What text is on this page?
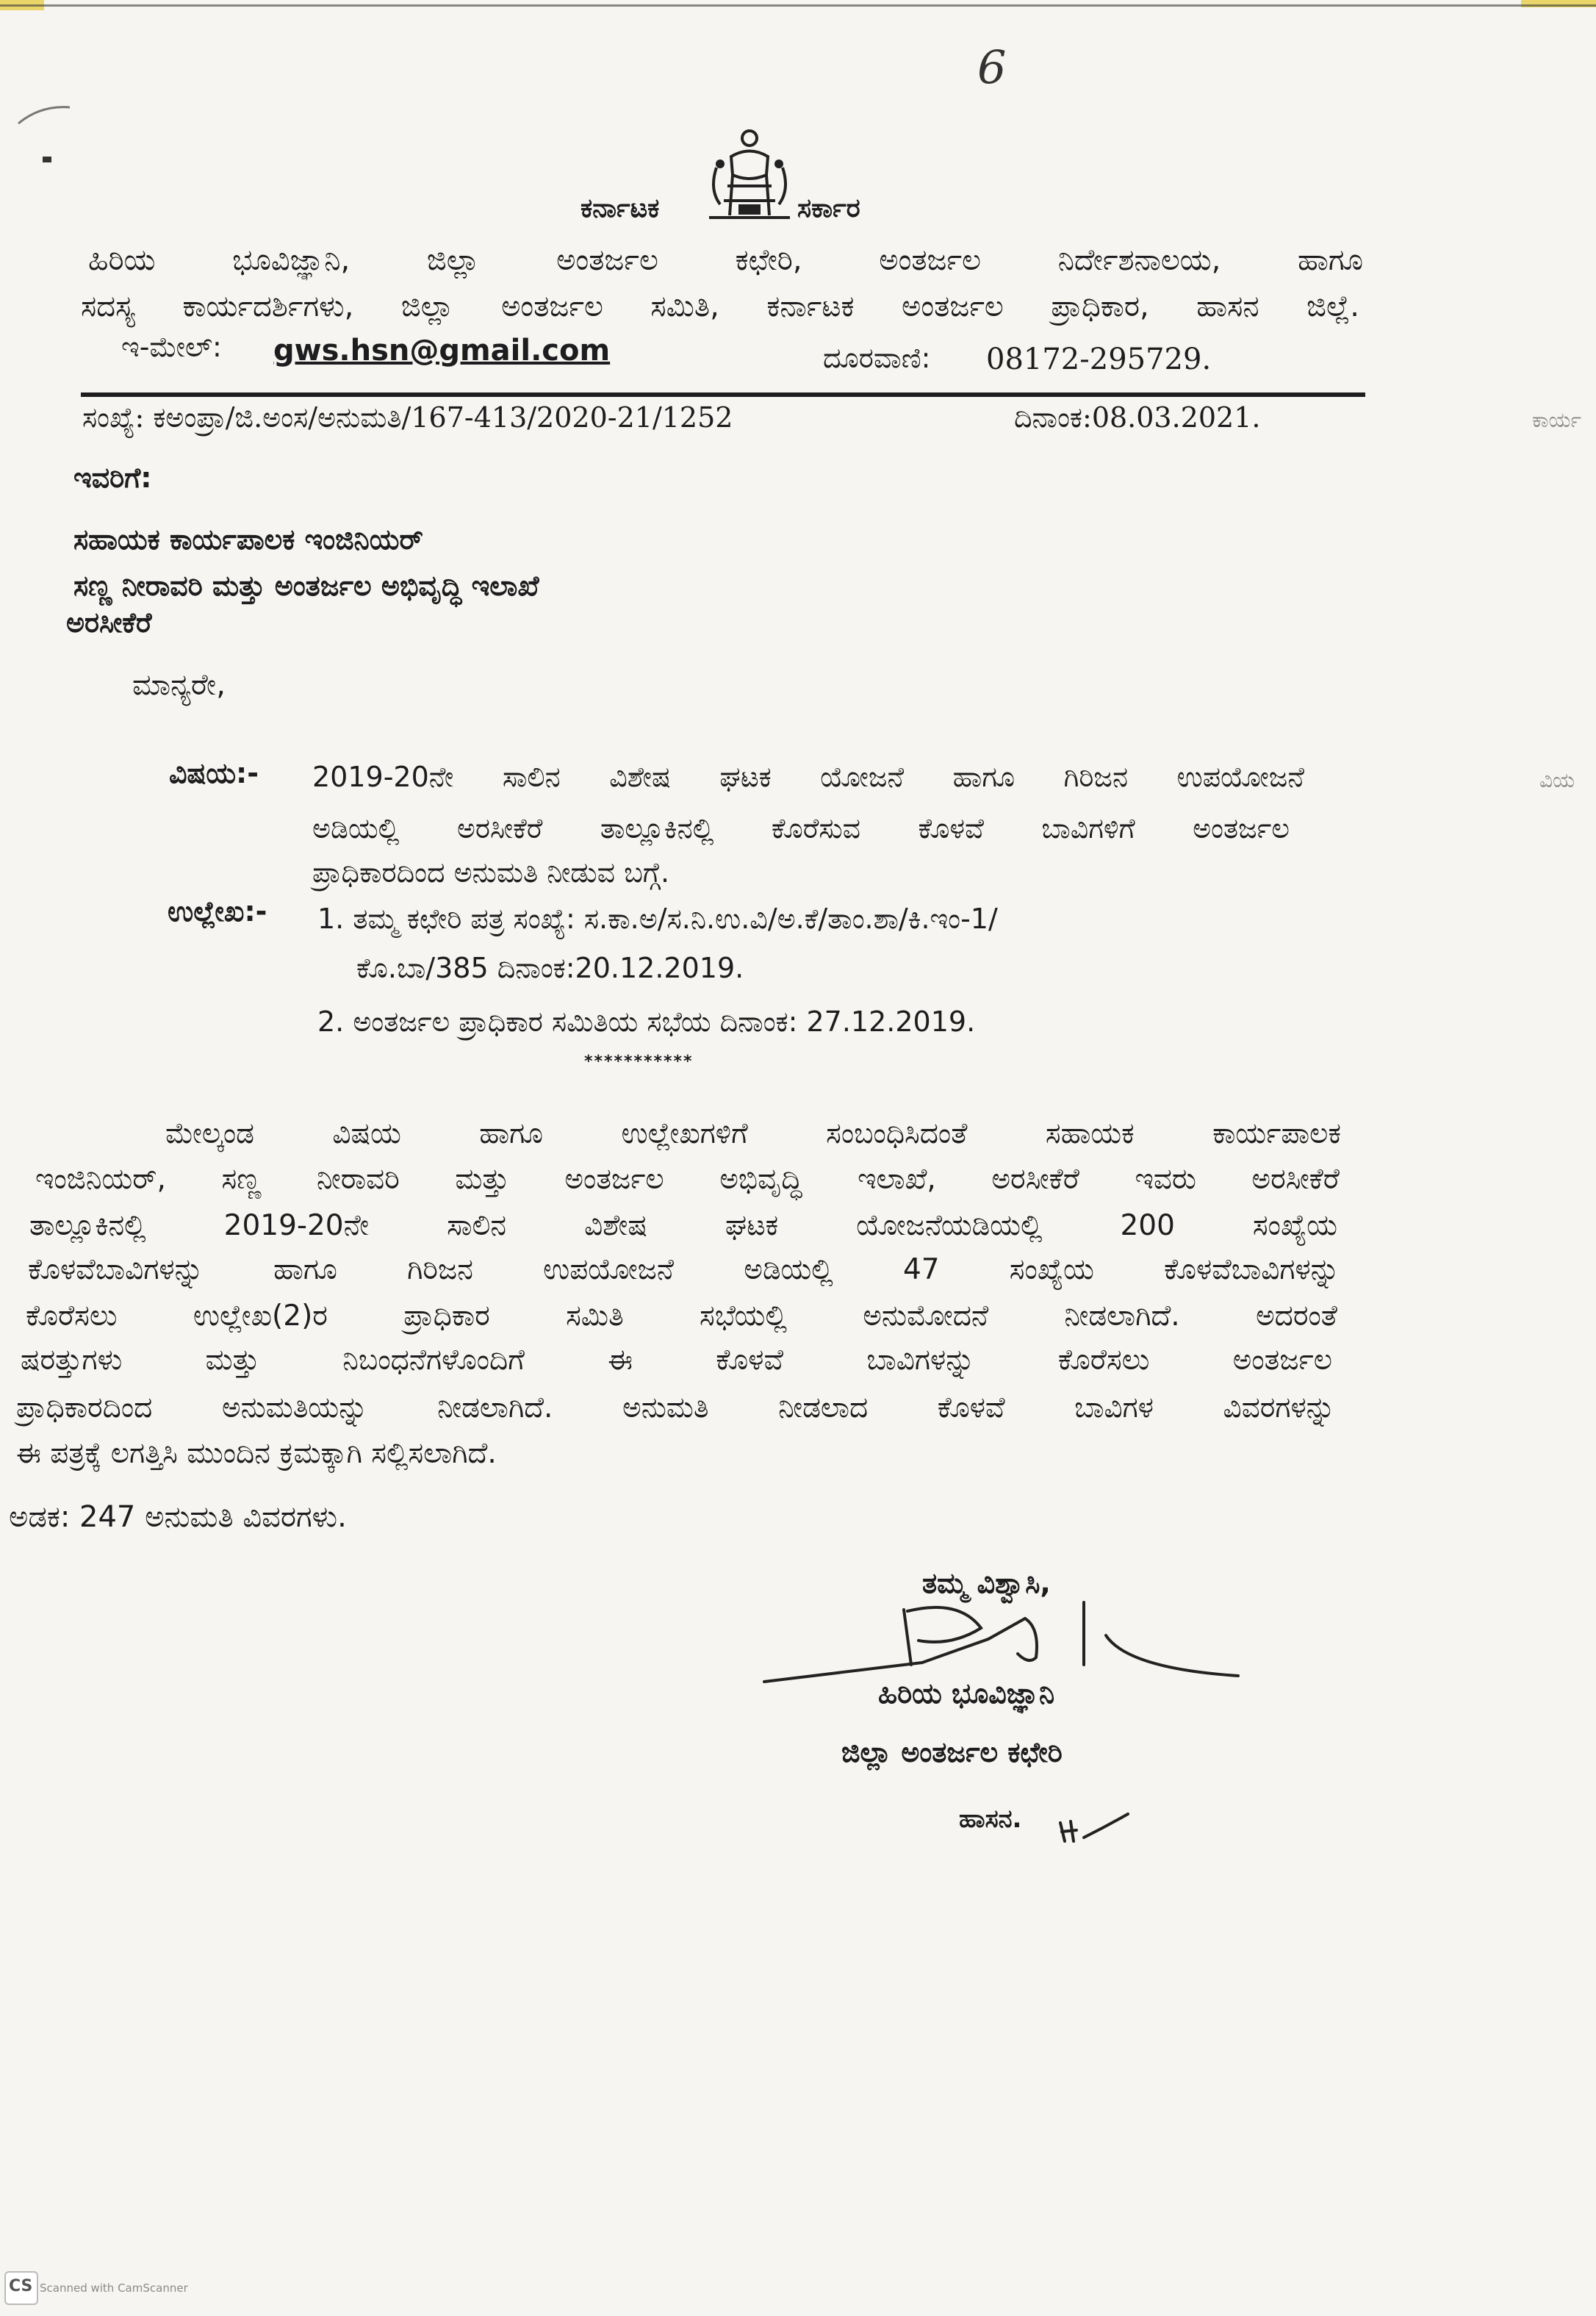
6
ಕರ್ನಾಟಕ	ಸರ್ಕಾರ
ಹಿರಿಯ ಭೂವಿಜ್ಞಾನಿ, ಜಿಲ್ಲಾ ಅಂತರ್ಜಲ ಕಛೇರಿ, ಅಂತರ್ಜಲ ನಿರ್ದೇಶನಾಲಯ, ಹಾಗೂ
ಸದಸ್ಯ ಕಾರ್ಯದರ್ಶಿಗಳು, ಜಿಲ್ಲಾ ಅಂತರ್ಜಲ ಸಮಿತಿ, ಕರ್ನಾಟಕ ಅಂತರ್ಜಲ ಪ್ರಾಧಿಕಾರ, ಹಾಸನ ಜಿಲ್ಲೆ.
ಇ-ಮೇಲ್: gws.hsn@gmail.com	ದೂರವಾಣಿ: 08172-295729.
ಸಂಖ್ಯೆ: ಕಅಂಪ್ರಾ/ಜಿ.ಅಂಸ/ಅನುಮತಿ/167-413/2020-21/1252	ದಿನಾಂಕ:08.03.2021.
ಇವರಿಗೆ:
ಸಹಾಯಕ ಕಾರ್ಯಪಾಲಕ ಇಂಜಿನಿಯರ್
ಸಣ್ಣ ನೀರಾವರಿ ಮತ್ತು ಅಂತರ್ಜಲ ಅಭಿವೃದ್ಧಿ ಇಲಾಖೆ
ಅರಸೀಕೆರೆ
ಮಾನ್ಯರೇ,
ವಿಷಯ:- 2019-20ನೇ ಸಾಲಿನ ವಿಶೇಷ ಘಟಕ ಯೋಜನೆ ಹಾಗೂ ಗಿರಿಜನ ಉಪಯೋಜನೆ
ಅಡಿಯಲ್ಲಿ ಅರಸೀಕೆರೆ ತಾಲ್ಲೂಕಿನಲ್ಲಿ ಕೊರೆಸುವ ಕೊಳವೆ ಬಾವಿಗಳಿಗೆ ಅಂತರ್ಜಲ
ಪ್ರಾಧಿಕಾರದಿಂದ ಅನುಮತಿ ನೀಡುವ ಬಗ್ಗೆ.
ಉಲ್ಲೇಖ:- 1. ತಮ್ಮ ಕಛೇರಿ ಪತ್ರ ಸಂಖ್ಯೆ: ಸ.ಕಾ.ಅ/ಸ.ನಿ.ಉ.ವಿ/ಅ.ಕೆ/ತಾಂ.ಶಾ/ಕಿ.ಇಂ-1/
ಕೊ.ಬಾ/385 ದಿನಾಂಕ:20.12.2019.
2. ಅಂತರ್ಜಲ ಪ್ರಾಧಿಕಾರ ಸಮಿತಿಯ ಸಭೆಯ ದಿನಾಂಕ: 27.12.2019.
***********
ಮೇಲ್ಕಂಡ ವಿಷಯ ಹಾಗೂ ಉಲ್ಲೇಖಗಳಿಗೆ ಸಂಬಂಧಿಸಿದಂತೆ ಸಹಾಯಕ ಕಾರ್ಯಪಾಲಕ
ಇಂಜಿನಿಯರ್, ಸಣ್ಣ ನೀರಾವರಿ ಮತ್ತು ಅಂತರ್ಜಲ ಅಭಿವೃದ್ಧಿ ಇಲಾಖೆ, ಅರಸೀಕೆರೆ ಇವರು ಅರಸೀಕೆರೆ
ತಾಲ್ಲೂಕಿನಲ್ಲಿ 2019-20ನೇ ಸಾಲಿನ ವಿಶೇಷ ಘಟಕ ಯೋಜನೆಯಡಿಯಲ್ಲಿ 200 ಸಂಖ್ಯೆಯ
ಕೊಳವೆಬಾವಿಗಳನ್ನು ಹಾಗೂ ಗಿರಿಜನ ಉಪಯೋಜನೆ ಅಡಿಯಲ್ಲಿ 47 ಸಂಖ್ಯೆಯ ಕೊಳವೆಬಾವಿಗಳನ್ನು
ಕೊರೆಸಲು ಉಲ್ಲೇಖ(2)ರ ಪ್ರಾಧಿಕಾರ ಸಮಿತಿ ಸಭೆಯಲ್ಲಿ ಅನುಮೋದನೆ ನೀಡಲಾಗಿದೆ. ಅದರಂತೆ
ಷರತ್ತುಗಳು ಮತ್ತು ನಿಬಂಧನೆಗಳೊಂದಿಗೆ ಈ ಕೊಳವೆ ಬಾವಿಗಳನ್ನು ಕೊರೆಸಲು ಅಂತರ್ಜಲ
ಪ್ರಾಧಿಕಾರದಿಂದ ಅನುಮತಿಯನ್ನು ನೀಡಲಾಗಿದೆ. ಅನುಮತಿ ನೀಡಲಾದ ಕೊಳವೆ ಬಾವಿಗಳ ವಿವರಗಳನ್ನು
ಈ ಪತ್ರಕ್ಕೆ ಲಗತ್ತಿಸಿ ಮುಂದಿನ ಕ್ರಮಕ್ಕಾಗಿ ಸಲ್ಲಿಸಲಾಗಿದೆ.
ಅಡಕ: 247 ಅನುಮತಿ ವಿವರಗಳು.
ತಮ್ಮ ವಿಶ್ವಾಸಿ,
ಹಿರಿಯ ಭೂವಿಜ್ಞಾನಿ
ಜಿಲ್ಲಾ ಅಂತರ್ಜಲ ಕಛೇರಿ
ಹಾಸನ.
ಕಾರ್ಯ
ವಿಯ
CS Scanned with CamScanner
